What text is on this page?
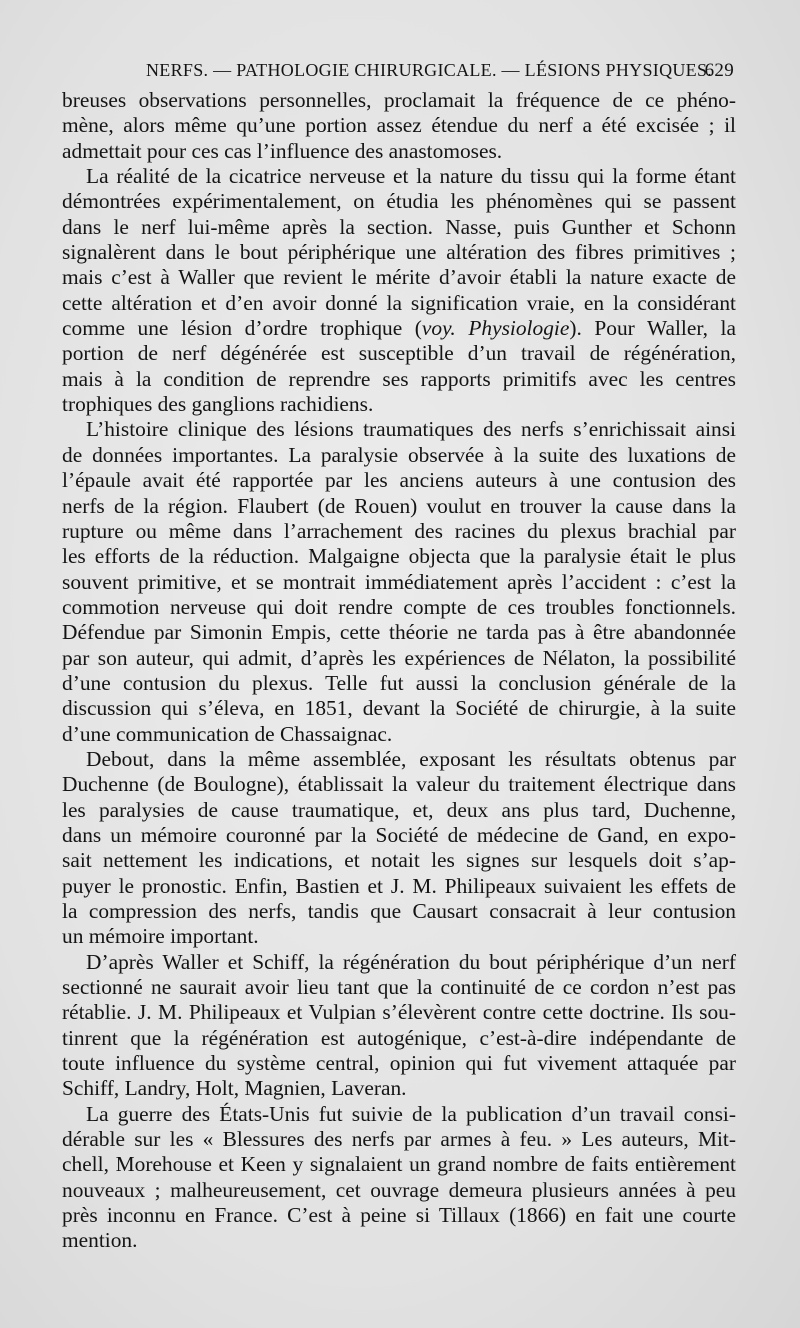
NERFS. — PATHOLOGIE CHIRURGICALE. — LÉSIONS PHYSIQUES.
629

breuses observations personnelles, proclamait la fréquence de ce phéno-
mène, alors même qu’une portion assez étendue du nerf a été excisée ; il
admettait pour ces cas l’influence des anastomoses.

La réalité de la cicatrice nerveuse et la nature du tissu qui la forme étant
démontrées expérimentalement, on étudia les phénomènes qui se passent
dans le nerf lui-même après la section. Nasse, puis Gunther et Schonn
signalèrent dans le bout périphérique une altération des fibres primitives ;
mais c’est à Waller que revient le mérite d’avoir établi la nature exacte de
cette altération et d’en avoir donné la signification vraie, en la considérant
comme une lésion d’ordre trophique (voy. Physiologie). Pour Waller, la
portion de nerf dégénérée est susceptible d’un travail de régénération,
mais à la condition de reprendre ses rapports primitifs avec les centres
trophiques des ganglions rachidiens.

L’histoire clinique des lésions traumatiques des nerfs s’enrichissait ainsi
de données importantes. La paralysie observée à la suite des luxations de
l’épaule avait été rapportée par les anciens auteurs à une contusion des
nerfs de la région. Flaubert (de Rouen) voulut en trouver la cause dans la
rupture ou même dans l’arrachement des racines du plexus brachial par
les efforts de la réduction. Malgaigne objecta que la paralysie était le plus
souvent primitive, et se montrait immédiatement après l’accident : c’est la
commotion nerveuse qui doit rendre compte de ces troubles fonctionnels.
Défendue par Simonin Empis, cette théorie ne tarda pas à être abandonnée
par son auteur, qui admit, d’après les expériences de Nélaton, la possibilité
d’une contusion du plexus. Telle fut aussi la conclusion générale de la
discussion qui s’éleva, en 1851, devant la Société de chirurgie, à la suite
d’une communication de Chassaignac.

Debout, dans la même assemblée, exposant les résultats obtenus par
Duchenne (de Boulogne), établissait la valeur du traitement électrique dans
les paralysies de cause traumatique, et, deux ans plus tard, Duchenne,
dans un mémoire couronné par la Société de médecine de Gand, en expo-
sait nettement les indications, et notait les signes sur lesquels doit s’ap-
puyer le pronostic. Enfin, Bastien et J. M. Philipeaux suivaient les effets de
la compression des nerfs, tandis que Causart consacrait à leur contusion
un mémoire important.

D’après Waller et Schiff, la régénération du bout périphérique d’un nerf
sectionné ne saurait avoir lieu tant que la continuité de ce cordon n’est pas
rétablie. J. M. Philipeaux et Vulpian s’élevèrent contre cette doctrine. Ils sou-
tinrent que la régénération est autogénique, c’est-à-dire indépendante de
toute influence du système central, opinion qui fut vivement attaquée par
Schiff, Landry, Holt, Magnien, Laveran.

La guerre des États-Unis fut suivie de la publication d’un travail consi-
dérable sur les « Blessures des nerfs par armes à feu. » Les auteurs, Mit-
chell, Morehouse et Keen y signalaient un grand nombre de faits entièrement
nouveaux ; malheureusement, cet ouvrage demeura plusieurs années à peu
près inconnu en France. C’est à peine si Tillaux (1866) en fait une courte
mention.
